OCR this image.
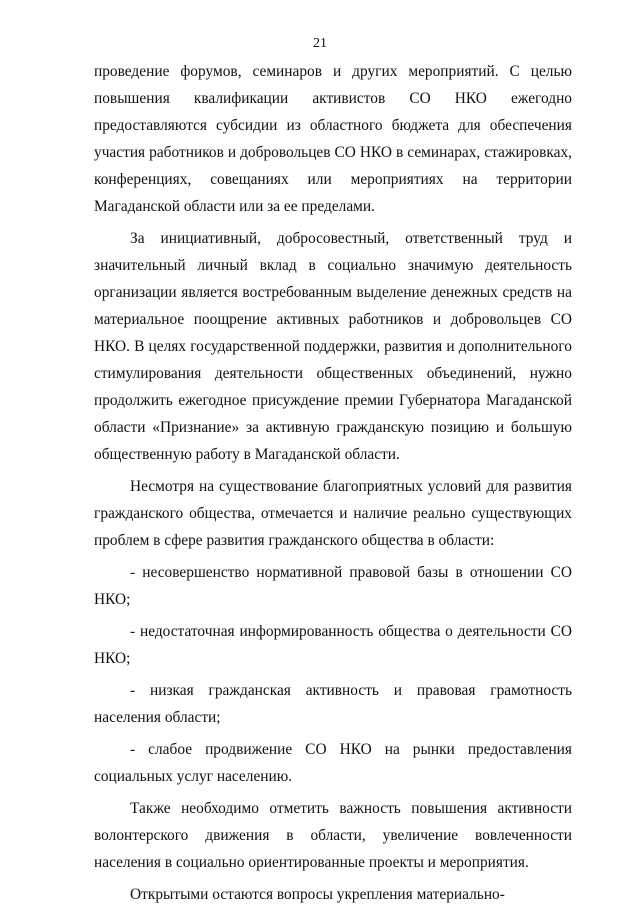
21

проведение форумов, семинаров и других мероприятий. С целью повышения квалификации активистов СО НКО ежегодно предоставляются субсидии из областного бюджета для обеспечения участия работников и добровольцев СО НКО в семинарах, стажировках, конференциях, совещаниях или мероприятиях на территории Магаданской области или за ее пределами.

За инициативный, добросовестный, ответственный труд и значительный личный вклад в социально значимую деятельность организации является востребованным выделение денежных средств на материальное поощрение активных работников и добровольцев СО НКО. В целях государственной поддержки, развития и дополнительного стимулирования деятельности общественных объединений, нужно продолжить ежегодное присуждение премии Губернатора Магаданской области «Признание» за активную гражданскую позицию и большую общественную работу в Магаданской области.

Несмотря на существование благоприятных условий для развития гражданского общества, отмечается и наличие реально существующих проблем в сфере развития гражданского общества в области:

- несовершенство нормативной правовой базы в отношении СО НКО;

- недостаточная информированность общества о деятельности СО НКО;

- низкая гражданская активность и правовая грамотность населения области;

- слабое продвижение СО НКО на рынки предоставления социальных услуг населению.

Также необходимо отметить важность повышения активности волонтерского движения в области, увеличение вовлеченности населения в социально ориентированные проекты и мероприятия.

Открытыми остаются вопросы укрепления материально-
